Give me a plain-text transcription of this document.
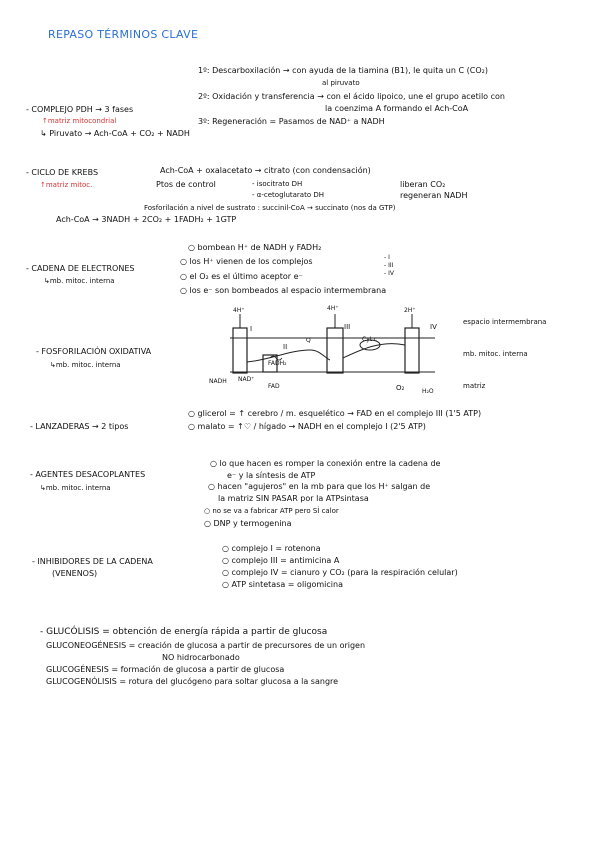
REPASO TÉRMINOS CLAVE
1º: Descarboxilación → con ayuda de la tiamina (B1), le quita un C (CO₂)
al piruvato
2º: Oxidación y transferencia → con el ácido lipoico, une el grupo acetilo con
la coenzima A formando el Ach-CoA
- COMPLEJO PDH → 3 fases
3º: Regeneración = Pasamos de NAD⁺ a NADH
↑matriz mitocondrial
↳ Piruvato → Ach-CoA + CO₂ + NADH
- CICLO DE KREBS	Ach-CoA + oxalacetato → citrato (con condensación)
↑matriz mitoc.	Ptos de control	- isocitrato DH
- α-cetoglutarato DH
liberan CO₂
regeneran NADH
Fosforilación a nivel de sustrato : succinil-CoA → succinato (nos da GTP)
Ach-CoA → 3NADH + 2CO₂ + 1FADH₂ + 1GTP
○ bombean H⁺ de NADH y FADH₂
○ los H⁺ vienen de los complejos	- I
- III
- IV
- CADENA DE ELECTRONES
○ el O₂ es el último aceptor e⁻
↳mb. mitoc. interna
○ los e⁻ son bombeados al espacio intermembrana
- FOSFORILACIÓN OXIDATIVA
↳mb. mitoc. interna
4H⁺	4H⁺	2H⁺
I
II
III	IV
Q	Cyt c
NADH NAD⁺
FADH₂
FAD	O₂	H₂O
espacio intermembrana
mb. mitoc. interna
matriz
○ glicerol = ↑ cerebro / m. esquelético → FAD en el complejo III (1'5 ATP)
- LANZADERAS → 2 tipos	○ malato = ↑♡ / hígado → NADH en el complejo I (2'5 ATP)
○ lo que hacen es romper la conexión entre la cadena de
- AGENTES DESACOPLANTES	e⁻ y la síntesis de ATP
↳mb. mitoc. interna	○ hacen "agujeros" en la mb para que los H⁺ salgan de
la matriz SIN PASAR por la ATPsintasa
○ no se va a fabricar ATP pero SÍ calor
○ DNP y termogenina
○ complejo I = rotenona
- INHIBIDORES DE LA CADENA	○ complejo III = antimicina A
(VENENOS)	○ complejo IV = cianuro y CO₂ (para la respiración celular)
○ ATP sintetasa = oligomicina
- GLUCÓLISIS = obtención de energía rápida a partir de glucosa
GLUCONEOGÉNESIS = creación de glucosa a partir de precursores de un origen
NO hidrocarbonado
GLUCOGÉNESIS = formación de glucosa a partir de glucosa
GLUCOGENÓLISIS = rotura del glucógeno para soltar glucosa a la sangre
